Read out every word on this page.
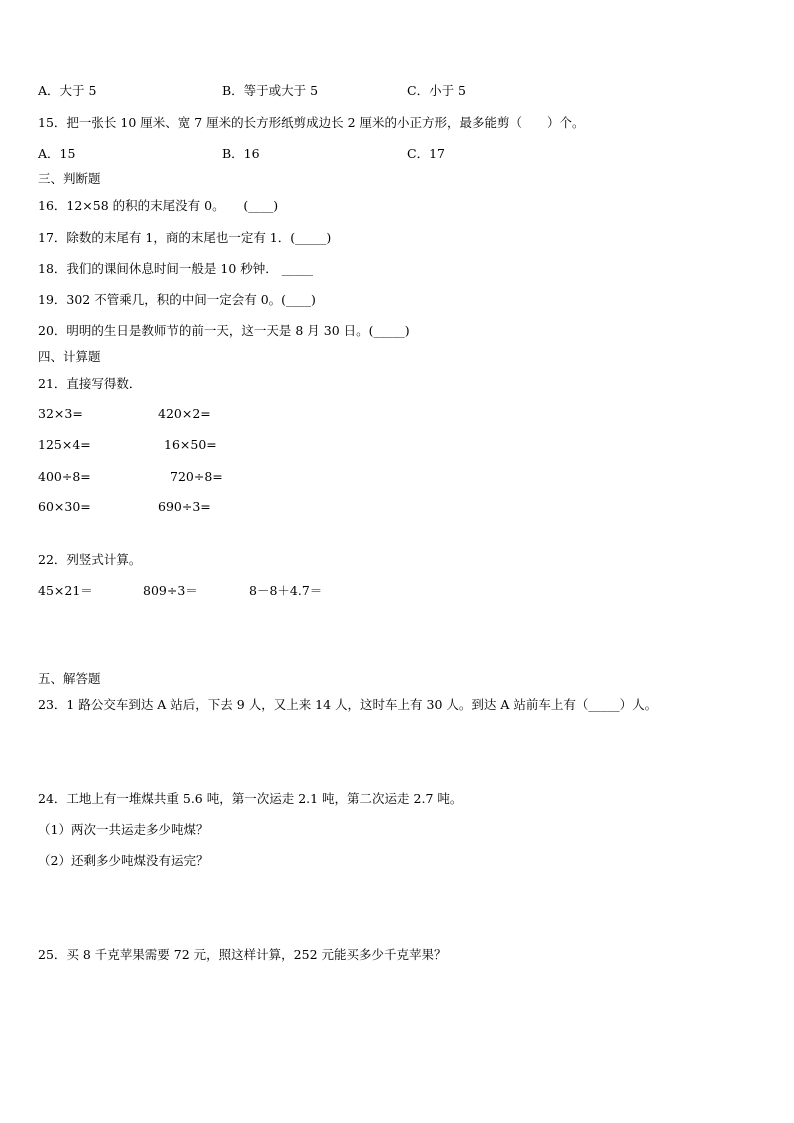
A．大于 5	B．等于或大于 5	C．小于 5
15．把一张长 10 厘米、宽 7 厘米的长方形纸剪成边长 2 厘米的小正方形，最多能剪（　　）个。
A．15	B．16	C．17
三、判断题
16．12×58 的积的末尾没有 0。　　(____)
17．除数的末尾有 1，商的末尾也一定有 1．(_____)
18．我们的课间休息时间一般是 10 秒钟． _____
19．302 不管乘几，积的中间一定会有 0。(____)
20．明明的生日是教师节的前一天，这一天是 8 月 30 日。(_____)
四、计算题
21．直接写得数．
32×3=	420×2=
125×4=	16×50=
400÷8=	720÷8=
60×30=	690÷3=
22．列竖式计算。
45×21＝	809÷3＝	8－8＋4.7＝
五、解答题
23．1 路公交车到达 A 站后，下去 9 人，又上来 14 人，这时车上有 30 人。到达 A 站前车上有（_____）人。
24．工地上有一堆煤共重 5.6 吨，第一次运走 2.1 吨，第二次运走 2.7 吨。
（1）两次一共运走多少吨煤？
（2）还剩多少吨煤没有运完？
25．买 8 千克苹果需要 72 元，照这样计算，252 元能买多少千克苹果？
